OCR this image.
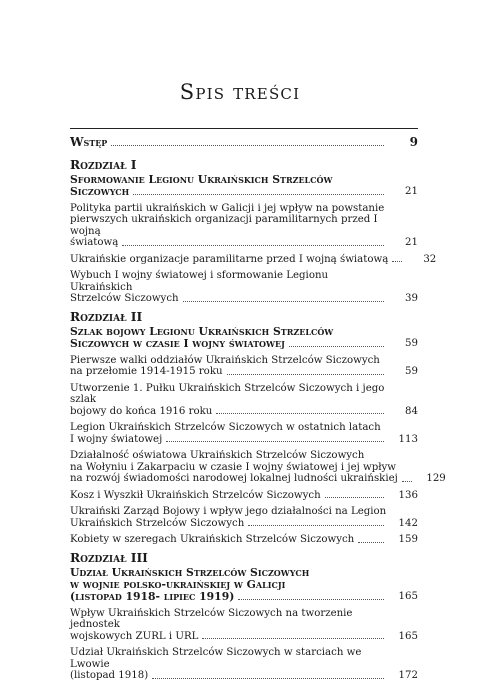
Spis treści
Wstęp	9
Rozdział I
Sformowanie Legionu Ukraińskich Strzelców
Siczowych	21
Polityka partii ukraińskich w Galicji i jej wpływ na powstanie
pierwszych ukraińskich organizacji paramilitarnych przed I wojną
światową	21
Ukraińskie organizacje paramilitarne przed I wojną światową	32
Wybuch I wojny światowej i sformowanie Legionu Ukraińskich
Strzelców Siczowych	39
Rozdział II
Szlak bojowy Legionu Ukraińskich Strzelców
Siczowych w czasie I wojny światowej	59
Pierwsze walki oddziałów Ukraińskich Strzelców Siczowych
na przełomie 1914-1915 roku	59
Utworzenie 1. Pułku Ukraińskich Strzelców Siczowych i jego szlak
bojowy do końca 1916 roku	84
Legion Ukraińskich Strzelców Siczowych w ostatnich latach
I wojny światowej	113
Działalność oświatowa Ukraińskich Strzelców Siczowych
na Wołyniu i Zakarpaciu w czasie I wojny światowej i jej wpływ
na rozwój świadomości narodowej lokalnej ludności ukraińskiej	129
Kosz i Wyszkił Ukraińskich Strzelców Siczowych	136
Ukraiński Zarząd Bojowy i wpływ jego działalności na Legion
Ukraińskich Strzelców Siczowych	142
Kobiety w szeregach Ukraińskich Strzelców Siczowych	159
Rozdział III
Udział Ukraińskich Strzelców Siczowych
w wojnie polsko-ukraińskiej w Galicji
(listopad 1918- lipiec 1919)	165
Wpływ Ukraińskich Strzelców Siczowych na tworzenie jednostek
wojskowych ZURL i URL	165
Udział Ukraińskich Strzelców Siczowych w starciach we Lwowie
(listopad 1918)	172
